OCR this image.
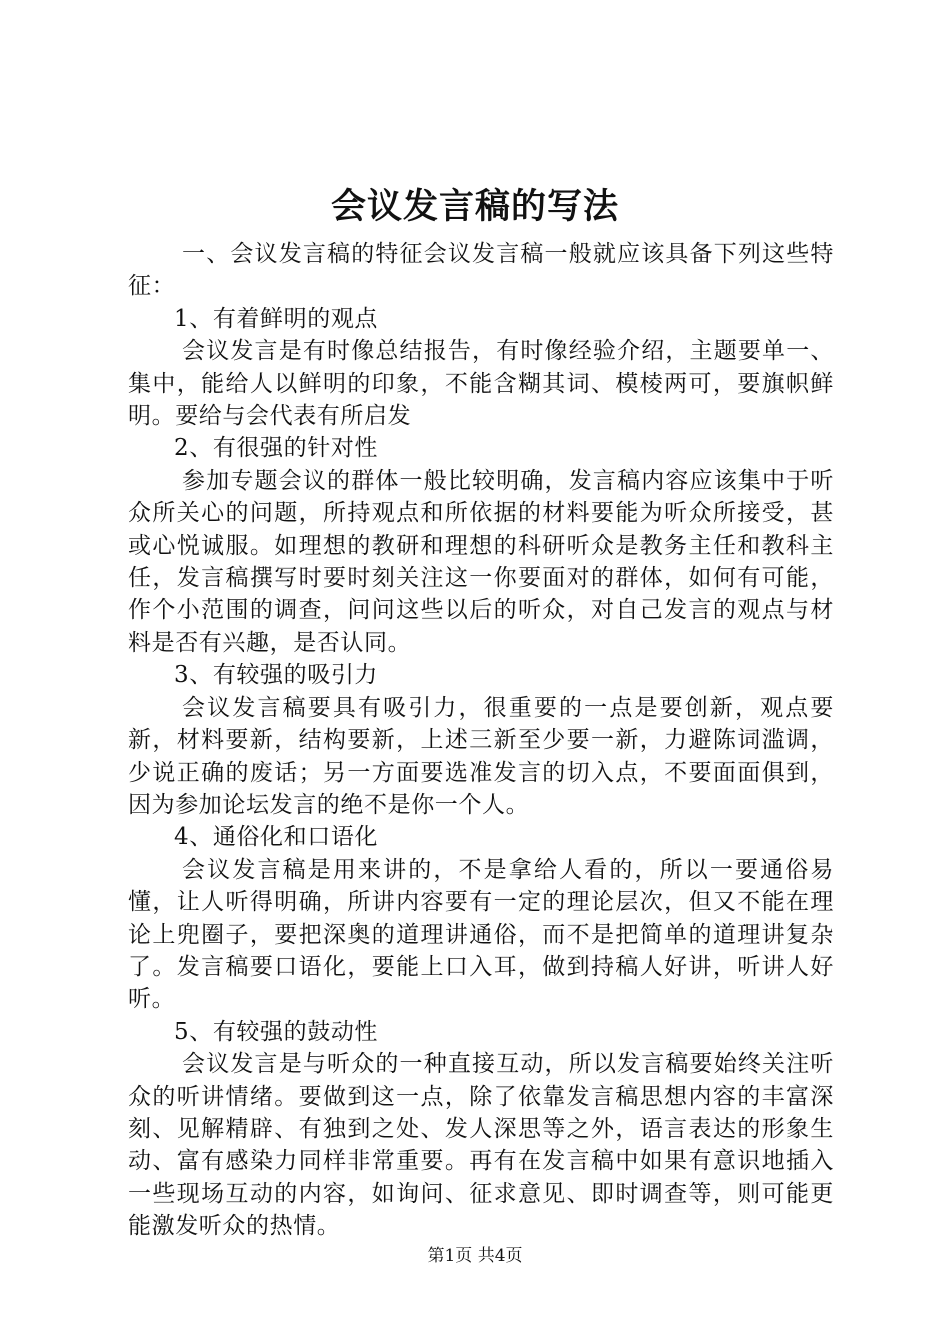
会议发言稿的写法

一、会议发言稿的特征会议发言稿一般就应该具备下列这些特征：

1、有着鲜明的观点

会议发言是有时像总结报告，有时像经验介绍，主题要单一、集中，能给人以鲜明的印象，不能含糊其词、模棱两可，要旗帜鲜明。要给与会代表有所启发

2、有很强的针对性

参加专题会议的群体一般比较明确，发言稿内容应该集中于听众所关心的问题，所持观点和所依据的材料要能为听众所接受，甚或心悦诚服。如理想的教研和理想的科研听众是教务主任和教科主任，发言稿撰写时要时刻关注这一你要面对的群体，如何有可能，作个小范围的调查，问问这些以后的听众，对自己发言的观点与材料是否有兴趣，是否认同。

3、有较强的吸引力

会议发言稿要具有吸引力，很重要的一点是要创新，观点要新，材料要新，结构要新，上述三新至少要一新，力避陈词滥调，少说正确的废话；另一方面要选准发言的切入点，不要面面俱到，因为参加论坛发言的绝不是你一个人。

4、通俗化和口语化

会议发言稿是用来讲的，不是拿给人看的，所以一要通俗易懂，让人听得明确，所讲内容要有一定的理论层次，但又不能在理论上兜圈子，要把深奥的道理讲通俗，而不是把简单的道理讲复杂了。发言稿要口语化，要能上口入耳，做到持稿人好讲，听讲人好听。

5、有较强的鼓动性

会议发言是与听众的一种直接互动，所以发言稿要始终关注听众的听讲情绪。要做到这一点，除了依靠发言稿思想内容的丰富深刻、见解精辟、有独到之处、发人深思等之外，语言表达的形象生动、富有感染力同样非常重要。再有在发言稿中如果有意识地插入一些现场互动的内容，如询问、征求意见、即时调查等，则可能更能激发听众的热情。

第1页 共4页
